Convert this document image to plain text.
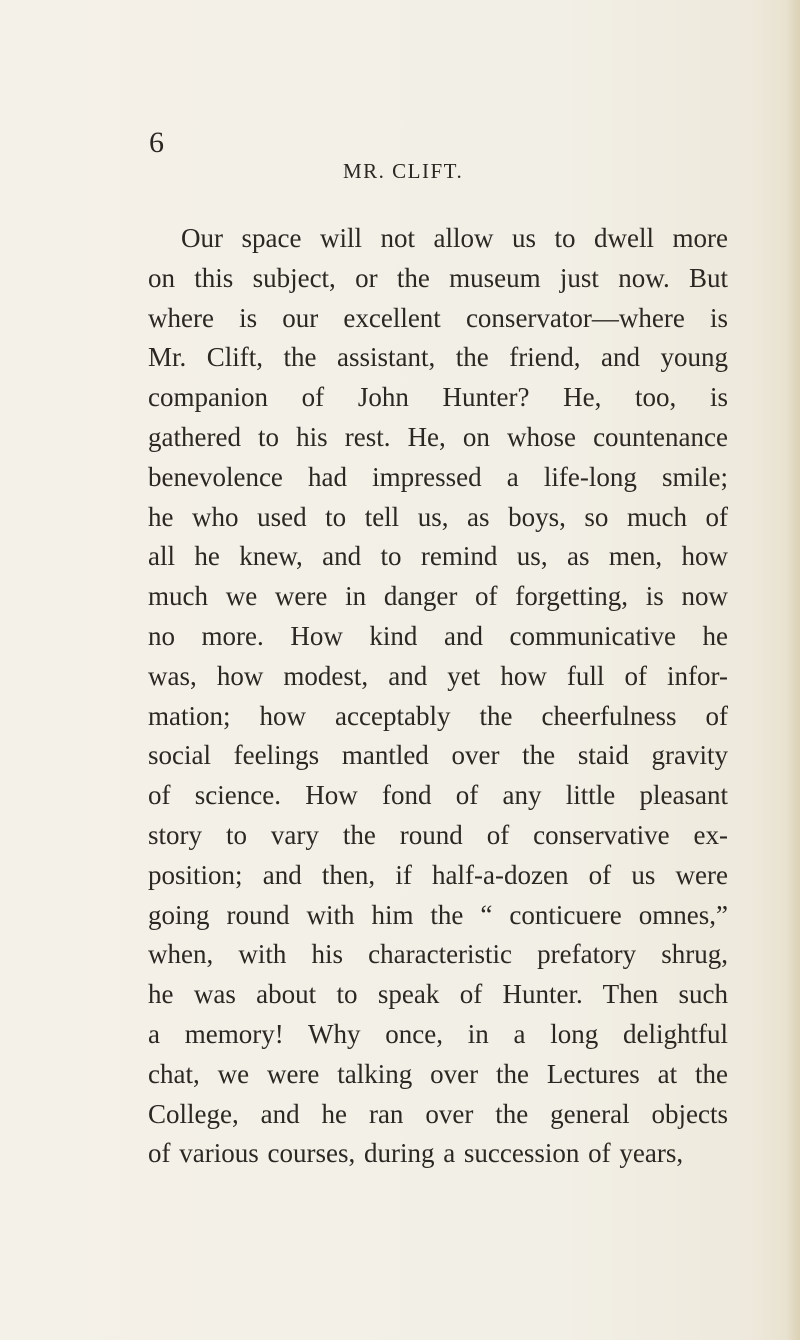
6

MR. CLIFT.

Our space will not allow us to dwell more
on this subject, or the museum just now. But
where is our excellent conservator—where is
Mr. Clift, the assistant, the friend, and young
companion of John Hunter? He, too, is
gathered to his rest. He, on whose countenance
benevolence had impressed a life-long smile;
he who used to tell us, as boys, so much of
all he knew, and to remind us, as men, how
much we were in danger of forgetting, is now
no more. How kind and communicative he
was, how modest, and yet how full of infor-
mation; how acceptably the cheerfulness of
social feelings mantled over the staid gravity
of science. How fond of any little pleasant
story to vary the round of conservative ex-
position; and then, if half-a-dozen of us were
going round with him the “ conticuere omnes,”
when, with his characteristic prefatory shrug,
he was about to speak of Hunter. Then such
a memory! Why once, in a long delightful
chat, we were talking over the Lectures at the
College, and he ran over the general objects
of various courses, during a succession of years,
